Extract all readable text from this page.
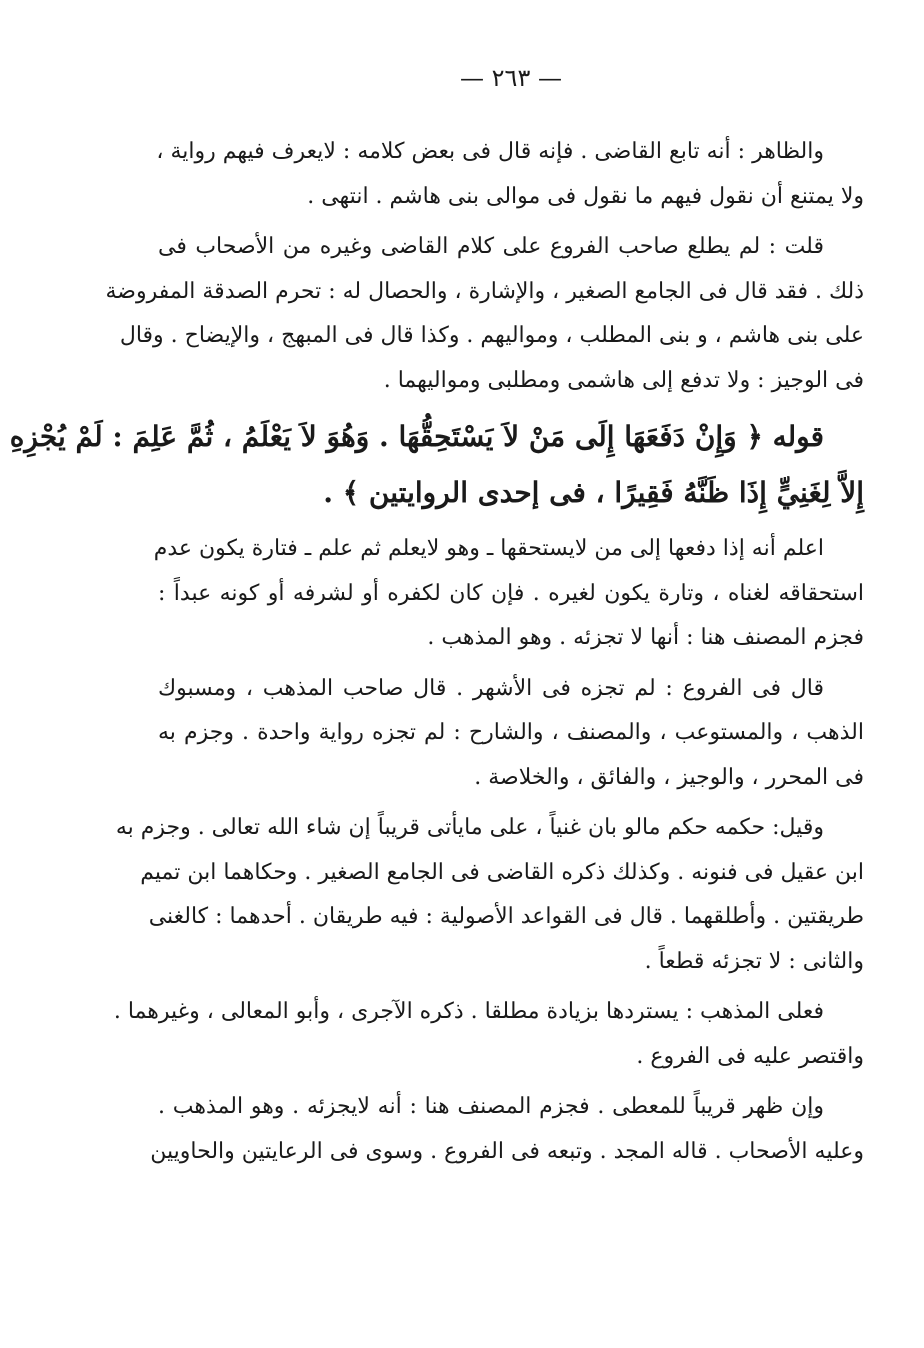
— ٢٦٣ —
والظاهر : أنه تابع القاضى . فإنه قال فى بعض كلامه : لايعرف فيهم رواية ،
ولا يمتنع أن نقول فيهم ما نقول فى موالى بنى هاشم . انتهى .
قلت : لم يطلع صاحب الفروع على كلام القاضى وغيره من الأصحاب فى
ذلك . فقد قال فى الجامع الصغير ، والإشارة ، والحصال له : تحرم الصدقة المفروضة
على بنى هاشم ، و بنى المطلب ، ومواليهم . وكذا قال فى المبهج ، والإيضاح . وقال
فى الوجيز : ولا تدفع إلى هاشمى ومطلبى ومواليهما .
قوله ﴿ وَإِنْ دَفَعَهَا إِلَى مَنْ لاَ يَسْتَحِقُّهَا . وَهُوَ لاَ يَعْلَمُ ، ثُمَّ عَلِمَ : لَمْ يُجْزِهِ
إِلاَّ لِغَنِيٍّ إِذَا ظَنَّهُ فَقِيرًا ، فى إحدى الروايتين ﴾ .
اعلم أنه إذا دفعها إلى من لايستحقها ـ وهو لايعلم ثم علم ـ فتارة يكون عدم
استحقاقه لغناه ، وتارة يكون لغيره . فإن كان لكفره أو لشرفه أو كونه عبداً :
فجزم المصنف هنا : أنها لا تجزئه . وهو المذهب .
قال فى الفروع : لم تجزه فى الأشهر . قال صاحب المذهب ، ومسبوك
الذهب ، والمستوعب ، والمصنف ، والشارح : لم تجزه رواية واحدة . وجزم به
فى المحرر ، والوجيز ، والفائق ، والخلاصة .
وقيل: حكمه حكم مالو بان غنياً ، على مايأتى قريباً إن شاء الله تعالى . وجزم به
ابن عقيل فى فنونه . وكذلك ذكره القاضى فى الجامع الصغير . وحكاهما ابن تميم
طريقتين . وأطلقهما . قال فى القواعد الأصولية : فيه طريقان . أحدهما : كالغنى
والثانى : لا تجزئه قطعاً .
فعلى المذهب : يستردها بزيادة مطلقا . ذكره الآجرى ، وأبو المعالى ، وغيرهما .
واقتصر عليه فى الفروع .
وإن ظهر قريباً للمعطى . فجزم المصنف هنا : أنه لايجزئه . وهو المذهب .
وعليه الأصحاب . قاله المجد . وتبعه فى الفروع . وسوى فى الرعايتين والحاويين
